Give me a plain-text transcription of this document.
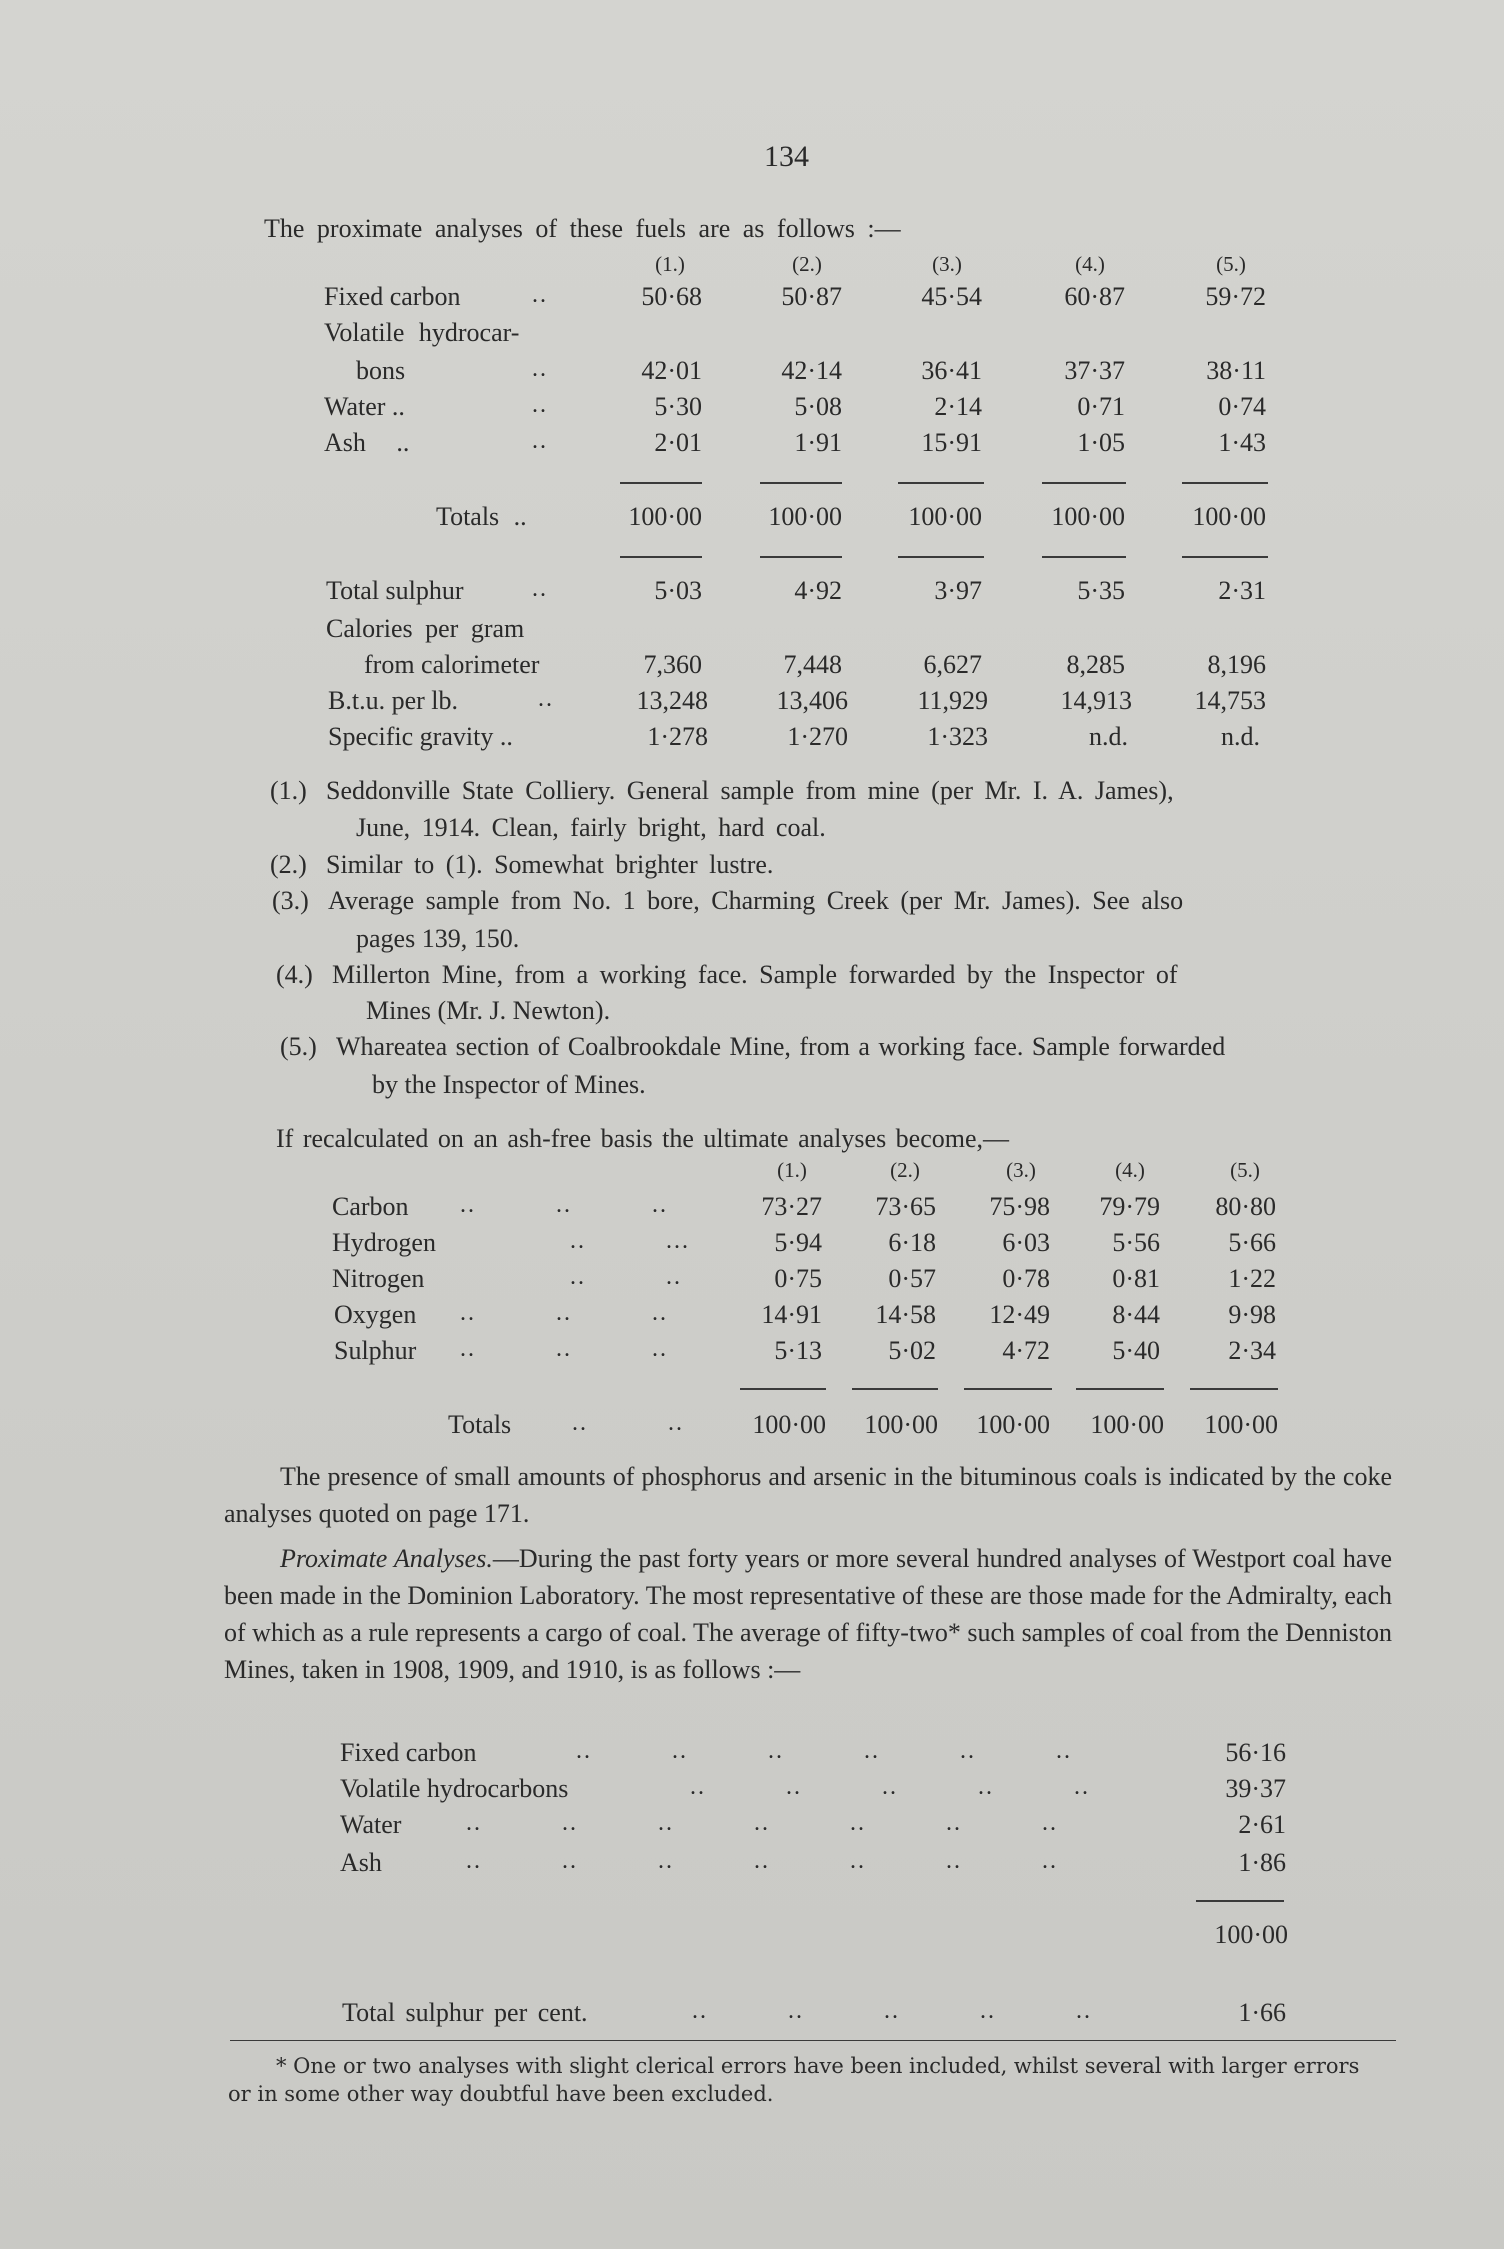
134
The proximate analyses of these fuels are as follows :—
(1.)	(2.)	(3.)	(4.)	(5.)
Fixed carbon	..	50·68	50·87	45·54	60·87	59·72
Volatile hydrocar-
bons	..	42·01	42·14	36·41	37·37	38·11
Water ..	..	5·30	5·08	2·14	0·71	0·74
Ash ..	..	2·01	1·91	15·91	1·05	1·43
Totals ..	100·00	100·00	100·00	100·00	100·00
Total sulphur	..	5·03	4·92	3·97	5·35	2·31
Calories per gram
from calorimeter	7,360	7,448	6,627	8,285	8,196
B.t.u. per lb.	..	13,248	13,406	11,929	14,913	14,753
Specific gravity ..	1·278	1·270	1·323	n.d.	n.d.
(1.) Seddonville State Colliery. General sample from mine (per Mr. I. A. James),
June, 1914. Clean, fairly bright, hard coal.
(2.) Similar to (1). Somewhat brighter lustre.
(3.) Average sample from No. 1 bore, Charming Creek (per Mr. James). See also
pages 139, 150.
(4.) Millerton Mine, from a working face. Sample forwarded by the Inspector of
Mines (Mr. J. Newton).
(5.) Whareatea section of Coalbrookdale Mine, from a working face. Sample forwarded
by the Inspector of Mines.
If recalculated on an ash-free basis the ultimate analyses become,—
(1.)	(2.)	(3.)	(4.)	(5.)
Carbon ..          ..          ..	73·27	73·65	75·98	79·79	80·80
Hydrogen	..          ...	5·94	6·18	6·03	5·56	5·66
Nitrogen	..          ..	0·75	0·57	0·78	0·81	1·22
Oxygen ..          ..          ..	14·91	14·58	12·49	8·44	9·98
Sulphur ..          ..          ..	5·13	5·02	4·72	5·40	2·34
Totals	..          ..	100·00	100·00	100·00	100·00	100·00
The presence of small amounts of phosphorus and arsenic in the bituminous coals is indicated by the coke analyses quoted on page 171.
Proximate Analyses.—During the past forty years or more several hundred analyses of Westport coal have been made in the Dominion Laboratory. The most representative of these are those made for the Admiralty, each of which as a rule represents a cargo of coal. The average of fifty-two* such samples of coal from the Denniston Mines, taken in 1908, 1909, and 1910, is as follows :—
Fixed carbon	..          ..          ..          ..          ..          ..	56·16
Volatile hydrocarbons	..          ..          ..          ..          ..	39·37
Water	..          ..          ..          ..          ..          ..          ..	2·61
Ash	..          ..          ..          ..          ..          ..          ..	1·86
100·00
Total sulphur per cent.	..          ..          ..          ..          ..	1·66
* One or two analyses with slight clerical errors have been included, whilst several with larger errors
or in some other way doubtful have been excluded.
